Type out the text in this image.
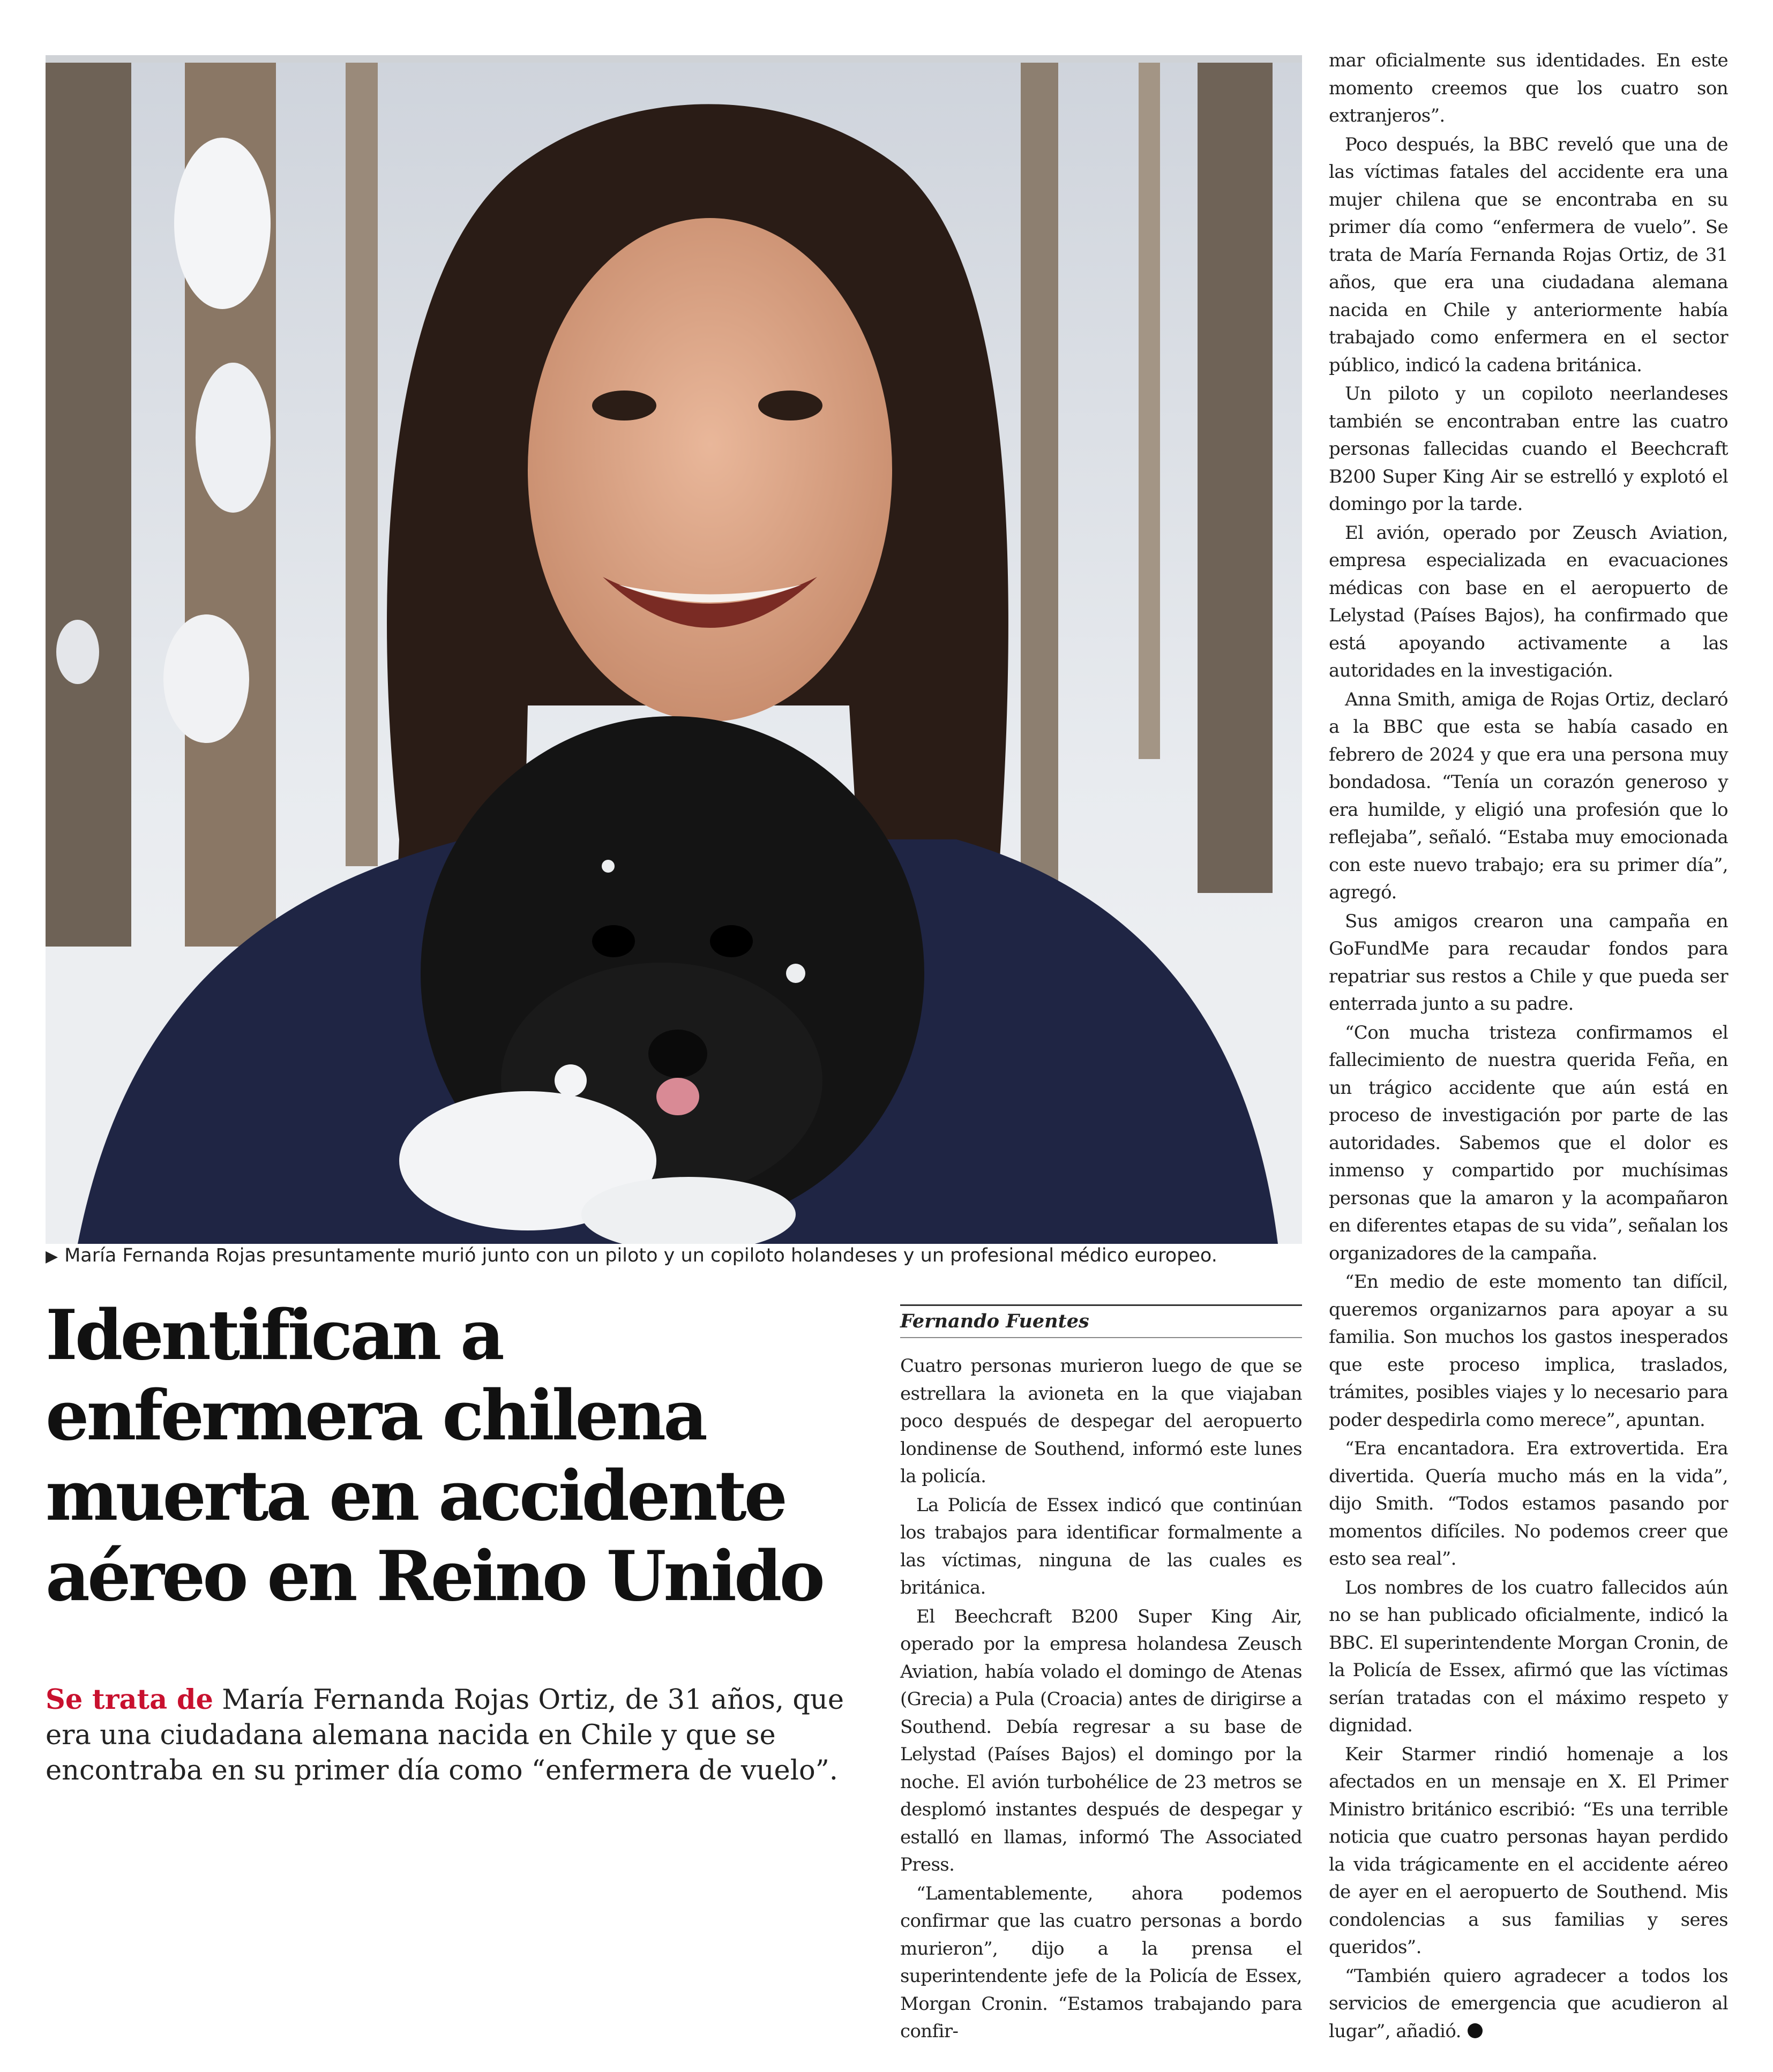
▶ María Fernanda Rojas presuntamente murió junto con un piloto y un copiloto holandeses y un profesional médico europeo.
Identifican a
enfermera chilena
muerta en accidente
aéreo en Reino Unido
Se trata de María Fernanda Rojas Ortiz, de 31 años, que era una ciudadana alemana nacida en Chile y que se encontraba en su primer día como “enfermera de vuelo”.
Fernando Fuentes

Cuatro personas murieron luego de que se estrellara la avioneta en la que viajaban poco después de despegar del aeropuerto londinense de Southend, informó este lunes la policía.

La Policía de Essex indicó que continúan los trabajos para identificar formalmente a las víctimas, ninguna de las cuales es británica.

El Beechcraft B200 Super King Air, operado por la empresa holandesa Zeusch Aviation, había volado el domingo de Atenas (Grecia) a Pula (Croacia) antes de dirigirse a Southend. Debía regresar a su base de Lelystad (Países Bajos) el domingo por la noche. El avión turbohélice de 23 metros se desplomó instantes después de despegar y estalló en llamas, informó The Associated Press.

“Lamentablemente, ahora podemos confirmar que las cuatro personas a bordo murieron”, dijo a la prensa el superintendente jefe de la Policía de Essex, Morgan Cronin. “Estamos trabajando para confir-

mar oficialmente sus identidades. En este momento creemos que los cuatro son extranjeros”.

Poco después, la BBC reveló que una de las víctimas fatales del accidente era una mujer chilena que se encontraba en su primer día como “enfermera de vuelo”. Se trata de María Fernanda Rojas Ortiz, de 31 años, que era una ciudadana alemana nacida en Chile y anteriormente había trabajado como enfermera en el sector público, indicó la cadena británica.

Un piloto y un copiloto neerlandeses también se encontraban entre las cuatro personas fallecidas cuando el Beechcraft B200 Super King Air se estrelló y explotó el domingo por la tarde.

El avión, operado por Zeusch Aviation, empresa especializada en evacuaciones médicas con base en el aeropuerto de Lelystad (Países Bajos), ha confirmado que está apoyando activamente a las autoridades en la investigación.

Anna Smith, amiga de Rojas Ortiz, declaró a la BBC que esta se había casado en febrero de 2024 y que era una persona muy bondadosa. “Tenía un corazón generoso y era humilde, y eligió una profesión que lo reflejaba”, señaló. “Estaba muy emocionada con este nuevo trabajo; era su primer día”, agregó.

Sus amigos crearon una campaña en GoFundMe para recaudar fondos para repatriar sus restos a Chile y que pueda ser enterrada junto a su padre.

“Con mucha tristeza confirmamos el fallecimiento de nuestra querida Feña, en un trágico accidente que aún está en proceso de investigación por parte de las autoridades. Sabemos que el dolor es inmenso y compartido por muchísimas personas que la amaron y la acompañaron en diferentes etapas de su vida”, señalan los organizadores de la campaña.

“En medio de este momento tan difícil, queremos organizarnos para apoyar a su familia. Son muchos los gastos inesperados que este proceso implica, traslados, trámites, posibles viajes y lo necesario para poder despedirla como merece”, apuntan.

“Era encantadora. Era extrovertida. Era divertida. Quería mucho más en la vida”, dijo Smith. “Todos estamos pasando por momentos difíciles. No podemos creer que esto sea real”.

Los nombres de los cuatro fallecidos aún no se han publicado oficialmente, indicó la BBC. El superintendente Morgan Cronin, de la Policía de Essex, afirmó que las víctimas serían tratadas con el máximo respeto y dignidad.

Keir Starmer rindió homenaje a los afectados en un mensaje en X. El Primer Ministro británico escribió: “Es una terrible noticia que cuatro personas hayan perdido la vida trágicamente en el accidente aéreo de ayer en el aeropuerto de Southend. Mis condolencias a sus familias y seres queridos”.

“También quiero agradecer a todos los servicios de emergencia que acudieron al lugar”, añadió.
